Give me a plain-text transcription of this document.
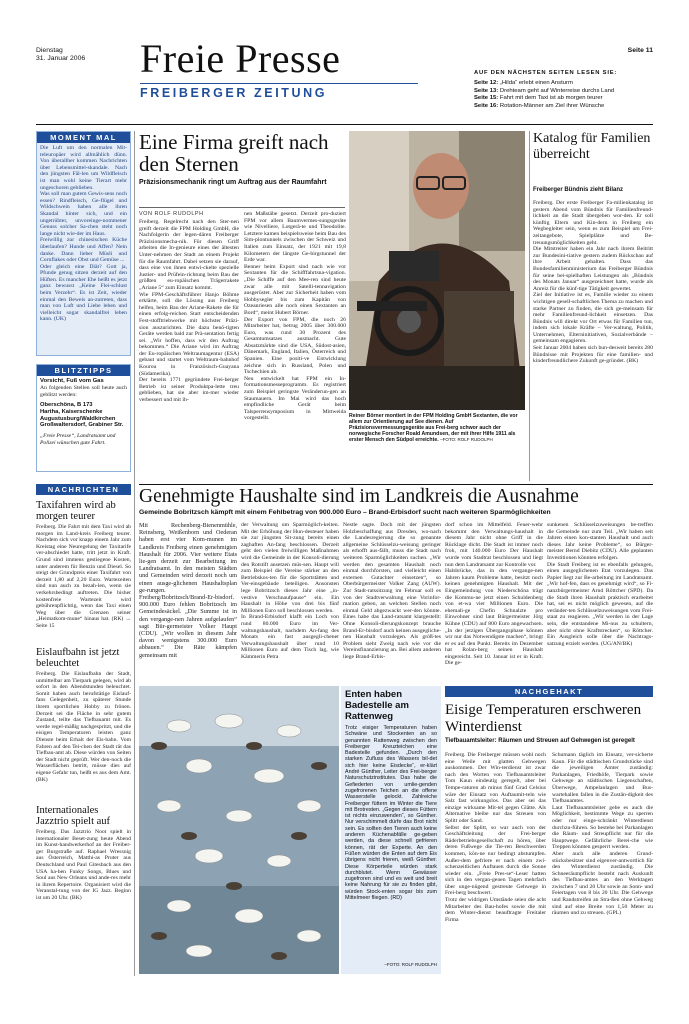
Dienstag
31. Januar 2006 Freie Presse
FREIBERGER ZEITUNG
Seite 11
AUF DEN NÄCHSTEN SEITEN LESEN SIE:
Seite 12: „Hilda“ erlebt einen Ansturm
Seite 13: Drehteam geht auf Winterreise durchs Land
Seite 15: Fahrt mit dem Taxi ist ab morgen teurer
Seite 16: Rotation-Männer am Ziel ihrer Wünsche
MOMENT MAL
Die Luft um den normalen Mit-teleuropäer wird allmählich dünn. Von überallher kommen Nachrichten über Lebensmittel-skandale. Nach den jüngsten Fäl-len um Wildfleisch ist man wohl keine Tierart mehr ungeschoren geblieben.
Was soll man gutem Gewis-sens noch essen? Rindfleisch, Ge-flügel und Wildschwein haben alle ihren Skandal hinter sich, und ein ungetrübter, unvoreinge-nommener Genuss solcher Sa-chen steht noch lange nicht wie-der im Haus.
Freiwillig zur chinesischen Küche überlaufen? Hunde und Affen? Nein danke. Dann lieber Müsli und Cornflakes oder Obst und Gemüse ...
Oder gleich eine Diät? Gott ja, Pfunde genug sitzen derzeit auf den Hüften. Es mancher Ehe heißt es jetzt ganz bewusst „Keine Flei-schlust beim Verzehr“. Es ist Zeit, wieder einmal den Beweis an-zutreten, dass man von Luft und Liebe leben und vielleicht sogar skandalfrei leben kann. (UK)
BLITZTIPPS
Vorsicht, Fuß vom Gas
An folgenden Stellen soll heute auch geblitzt werden:
Oberschöna, B 173
Hartha, Kaiserschenke
Augustusburg/Waldkirchen Großwaltersdorf, Grabiner Str.
„Freie Presse“, Landratsamt und Polizei wünschen gute Fahrt.
NACHRICHTEN
Taxifahren wird ab morgen teurer
Freiberg. Die Fahrt mit dem Taxi wird ab morgen im Land-kreis Freiberg teurer. Nachdem sich vor knapp einem Jahr zum Kreistag eine Neuregelung der Taxitarife ver-abschiedet hatte, tritt jetzt in Kraft. Grund sind immens gestiegene Kosten, unter anderem für Benzin und Diesel. So steigt der Grundpreis einer Taxifahrt von derzeit 1,80 auf 2,20 Euro. Wartezeiten sind nun auch zu bezah-len, wenn sie verkehrsbedingt auftreten. Die bisher kostenfreie Wartezeit wird gebührenpflichtig, wenn das Taxi einen Weg über die Grenzen seiner „Heimatkom-mune“ hinaus hat. (RK) → Seite 15
Eislaufbahn ist jetzt beleuchtet
Freiberg. Die Eislaufbahn der Stadt, unmittelbar am Tierpark gelegen, wird ab sofort in den Abendstunden beleuchtet. Somit haben auch berufstätige Eislauf-fans Gelegenheit, zu späterer Stunde ihrem sportlichen Hobby zu frönen. Derzeit sei die Fläche in sehr gutem Zustand, teilte das Tiefbauamt mit. Es werde regel-mäßig nachgespritzt, und die eisigen Temperaturen leisten ganz Dienste beim Erhalt der Eis-bahn. Vom Fahren auf den Tei-chen der Stadt rät das Tiefbau-amt ab. Diese würden von Seiten der Stadt nicht geprüft. Wer den-noch die Wasserflächen betritt, müsse dies auf eigene Gefahr tun, heißt es aus dem Amt. (BK)
Internationales Jazztrio spielt auf
Freiberg. Das Jazztrio Noot spielt in internationaler Beset-zung heute Abend im Kunst-handwerkerhof an der Freiber-ger Burgstraße auf. Raphael Wressnig aus Österreich, Matthi-as Pruter aus Deutschland und Paul Gitesbach aus den USA ha-ben Funky Songs, Blues und Soul aus New Orleans und ande-res mehr in ihrem Repertoire. Organisiert wird die Veranstal-tung von der IG Jazz. Beginn ist um 20 Uhr. (BK)
Eine Firma greift nach den Sternen
Präzisionsmechanik ringt um Auftrag aus der Raumfahrt
VON ROLF RUDOLPH
Freiberg. Regelrecht nach den Ster-nen greift derzeit die FPM Holding GmbH, die Nachfolgerin der legen-dären Freiberger Präzisionsmecha-nik. Für diesen Griff arbeiten die In-genieure eines der ältesten Unter-nehmen der Stadt an einem Projekt für die Raumfahrt. Dabei setzen sie darauf, dass eine von ihnen entwi-ckelte spezielle Justier- und Prüfein-richtung beim Bau der größten eu-ropäischen Trägerrakete „Ariane 5“ zum Einsatz kommt.
Wie FPM-Geschäftsführer Hanjo Böhme erklärte, soll die Lösung aus Freiberg helfen, beim Bau der Ariane-Rakete die für einen erfolg-reichen Start entscheidenden Fest-stofftriebwerke mit höchster Präzi-sion auszurichten. Die dazu benö-tigten Geräte werden bald zur Prä-sentation fertig sei. „Wir hoffen, dass wir den Auftrag bekommen.“ Die Ariane wird im Auftrag der Eu-ropäischen Weltraumagentur (ESA) gebaut und startet vom Weltraum-bahnhof Kourou in Französisch-Guayana (Südamerika).
Der bereits 1771 gegründete Frei-berger Betrieb ist seiner Produktpa-lette treu geblieben, hat sie aber im-mer wieder verbessert und mit ih-
nen Maßstäbe gesetzt. Derzeit pro-duziert FPM vor allem Baumvermes-sungsgeräte wie Nivelliere, Lotgerä-te und Theodolite. Letztere kamen beispielsweise beim Bau des Sim-plontunnels zwischen der Schweiz und Italien zum Einsatz, der 1921 mit 19,8 Kilometern der längste Ge-birgstunnel der Erde war.
Benner beim Export sind nach wie vor Sextanten für die Schifffahrtsna-vigation. „Die Schiffe auf den Mee-ren sind heute zwar alle mit Satelli-tennavigation ausgerüstet. Aber zur Sicherheit haben vom Hobbysegler bis zum Kapitän von Ozeanriesen alle noch einen Sextanten an Bord“, meint Hubert Börner.
Der Export von FPM, die noch 26 Mitarbeiter hat, betrug 2005 über 300.000 Euro, was rund 30 Prozent des Gesamtumsatzes ausmacht. Gute Absatzmärkte sind die USA, Südost-asien, Dänemark, England, Italien, Österreich und Spanien. Eine positi-ve Entwicklung zeichne sich in Russland, Polen und Tschechien ab.
Neu entwickelt hat FPM ein In-formationsmesseprogramm. Es registriert zum Beispiel geringste Veränderun-gen an Staumauern. Im Mai wird das hoch empfindliche Gerät beim Talsperrensymposium in Mittweida vorgestellt.	Reiner Börner montiert in der FPM Holding GmbH Sextanten, die vor allem zur Orientierung auf See dienen. Auf Präzisionsvermessungsgeräte aus Frei-berg schwor auch der norwegische Forscher Roald Amundsen, der mit ihrer Hilfe 1911 als erster Mensch den Südpol erreichte. –FOTO: ROLF RUDOLPH
Katalog für Familien überreicht
Freiberger Bündnis zieht Bilanz
Freiberg. Der erste Freiberger Fa-milienkatalog ist gestern Abend vom Bündnis für Familienfreund-lichkeit an die Stadt übergeben wor-den. Er soll künftig Eltern und Kin-dern in Freiberg ein Wegbegleiter sein, wenn es zum Beispiel um Frei-zeitangebote, Spielplätze und Be-treuungsmöglichkeiten geht.
Die Mitstreiter haben ein Jahr nach ihrem Beitritt zur Bundesini-tiative gestern zudem Rückschau auf ihre Arbeit gehalten. Dass das Bundesfamilienministerium das Freiberger Bündnis für seine bei-spielhaften Leistungen als „Bündnis des Monats Januar“ ausgezeichnet hatte, wurde als Anreiz für die künf-tige Tätigkeit gewertet.
Ziel der Initiative ist es, Familie wieder zu einem wichtigen gesell-schaftlichen Thema zu machen und starke Partner zu finden, die sich ge-meinsam für mehr Familienfreund-lichkeit einsetzen. Das Bündnis will direkt vor Ort etwas für Familien tun, indem sich lokale Kräfte – Ver-waltung, Politik, Unternehmen, Elterninitiativen, Sozialverbände – gemeinsam engagieren.
Seit Januar 2004 haben sich bun-desweit bereits 280 Bündnisse mit Projekten für eine familien- und kinderfreundlichere Zukunft ge-gründet. (BK)
Genehmigte Haushalte sind im Landkreis die Ausnahme
Gemeinde Bobritzsch kämpft mit einem Fehlbetrag von 900.000 Euro – Brand-Erbisdorf sucht nach weiteren Sparmöglichkeiten
Mit Rechenberg-Bienenmühle, Reinsberg, Weißenborn und Oederan haben erst vier Kom-munen im Landkreis Freiberg einen genehmigten Haushalt für 2006. Vier weitere Etats lie-gen derzeit zur Bearbeitung im Landratsamt. In den meisten Städten und Gemeinden wird derzeit noch um einen ausge-glichenen Haushaltsplan ge-rungen.
Freiberg/Bobritzsch/Brand-Er-bisdorf. 900.000 Euro fehlen Bobritzsch im Gemeindesäckel. „Die Summe ist in den vergange-nen Jahren aufgelaufen“ sagt Bür-germeister Volker Haupt (CDU). „Wir wollen in diesem Jahr davon wenigstens 300.000 Euro abbauen.“ Die Räte kämpfen gemeinsam mit
der Verwaltung um Sparmöglich-keiten. Mit der Erhöhung der Hun-desteuer haben sie zur jüngsten Sit-zung bereits einen zaghaften An-fang beschlossen. Derzeit geht den vielen freiwilligen Maßnahmen wird die Gemeinde in der Konsoli-dierung den Rotstift ansetzen müs-sen. Haupt will zum Beispiel die Vereine stärker an den Betriebskos-ten für die Sportstätten und Ver-einsgebäude beteiligen. Ansonsten lege Bobritzsch dieses Jahr eine „in-vestive Verschnaufpause“ ein. Ein Haushalt in Höhe von drei bis fünf Millionen Euro soll beschlossen werden.
In Brand-Erbisdorf klafft ein Loch von rund 80.000 Euro im Ver-waltungshaushalt, nachdem An-fang des Monats ein fast ausgegli-chener Verwaltungshaushalt über rund 10 Millionen Euro auf dem Tisch lag, wie Kämmerin Petra
Nestle sagte. Doch mit der jüngsten Holzbeschaffung aus Dresden, wo-nach die Landesregierung die so genannte allgemeine Schlüsselzu-weisung geringer als erhofft aus-fällt, muss die Stadt nach weiteren Sparmöglichkeiten suchen. „Wir werden den gesamten Haushalt noch einmal durchforsten, und vielleicht einen externen Gutachter einsetzen“, so Oberbürgermeister Volker Zang (AUW). Zur Stadt-ratssitzung im Februar soll es von der Stadtverwaltung eine Vorinfor-mation geben, an welchen Stellen noch einmal Geld abgezwackt wer-den könnte. Eines habe das Land-ratsamt klargestellt: Ohne Konsoli-dierungskonzept brauche Brand-Er-bisdorf auch keinen ausgegliche-nen Haushalt vorzulegen. Als größ-tes Problem sieht Zweig nach wie vor die Vereinsfinanzierung an. Bei allem anderen liege Brand-Erbis-
dorf schon im Mittelfeld. Feuer-wehr bekommt den Verwaltungs-haushalt in diesem Jahr nicht ohne Griff in die Rücklage dicht. Die Stadt ist immer noch froh, mit 140.000 Euro Der Haushalt wurde vom Stadtrat beschlossen und liegt nun dem Landratsamt zur Kontrolle vor.
Halsbrücke, das in den vergange-nen Jahren kaum Probleme hatte, besitzt noch keinen genehmigten Haushalt. Mit der Eingemeindung von Niederschöna trägt die Kommu-ne jetzt einen Schuldenberg von et-wa vier Millionen Euro. Die ehemali-ge Chefin Schnalzte pro Einwohner sind laut Bürgermeister Jörg Kühne (CDU) auf 800 Euro angewachsen. „In der jetzigen Übergangsphase können wir nur das Notwendigste machen“, bringt er es auf den Punkt. Bereits im Dezember hat Rolan-berg seinen Haushalt eingereicht. Seit 10. Januar ist er in Kraft. Die ge-
sunkenen Schlüsselzuweisungen be-treffen die Gemeinde nur zum Teil. „Wir haben seit Jahren einen kon-stanten Haushalt und auch dieses Jahr keine Probleme“, so Bürger-meister Bernd Diebitz (CDU). Alle geplanten Investitionen könnten erfolgen.
Die Stadt Freiberg ist es ebenfalls gelungen, einen ausgeglichenen Etat vorzulegen. Das Papier liegt zur Be-arbeitung im Landratsamt. „Wir hof-fen, dass es genehmigt wird“, so Fi-nanzbürgermeister Arnd Röttcher (SPD). Da die Stadt ihren Haushalt praktisch erarbeitet hat, sei es nicht möglich gewesen, auf die veränder-ten Schlüsselzuweisungen vom Frei-staat zu reagieren. „Wir werden in der Lage sein, die entstandene Mi-nus zu schultern, aber nicht ohne Kraftstrecken“, so Röttcher. Ein Ausgleich solle über die Nachtrags-satzung erzielt werden. (UG/AN/BK)
Enten haben Badestelle am Rattenweg
Trotz eisiger Temperaturen haben Schwäne und Stockenten an so genannten Rattenweg zwischen den Freiberger Kreuzteichen eine Badestelle gefunden. „Durch den starken Zufluss des Wassers bil-det sich hier keine Eisdecke“, er-klärt André Günther, Leiter des Frei-berger Naturschutzinstitutes. Das habe die Gefiederten von umlie-genden zugefrorenen Teichen an die offene Wasserstelle gelockt. Zahlreiche Freiberger füttern im Winter die Tiere mit Brotresten. „Gegen dieses Füttern ist nichts einzuwenden“, so Günther. Nur verschimmelt dürfe das Brot nicht sein. Es sollten den Tieren auch keine anderen Küchenabfälle ge-geben werden, da diese schnell gefrieren können, rät der Experte. An den Füßen würden die Enten auf dem Eis übrigens nicht frieren, weiß Günther. Diese Körperteile würden stark durchblutet. Wenn Gewässer zugefroren sind und es weit und breit keine Nahrung für sie zu finden gibt, würden Stock-enten sogar bis zum Mittelmeer fliegen. (RD)
–FOTO: ROLF RUDOLPH
NACHGEHAKT
Eisige Temperaturen erschweren Winterdienst
Tiefbauamtsleiter: Räumen und Streuen auf Gehwegen ist geregelt
Freiberg. Die Freiberger müssen wohl noch eine Weile mit glatten Gehwegen auskommen. Der Win-terdienst ist zwar nach den Worten von Tiefbauamtsleiter Tom Kaun eindeutig geregelt, aber bei Tempe-raturen ab minus fünf Grad Celsius wäre der Einsatz von Auftaumit-teln wie Salz fast wirkungslos. Das aber sei das einzige wirksame Mit-tel gegen Glätte. Als Alternative bleibe nur das Streuen von Splitt oder Sand.
Selbst der Splitt, so war auch von der Geschäftsleitung der Frei-berger Räderbetriebsgesellschaft zu hören, über deren Fußwege die Tie-ren Beschwerden kommen, kön-ne nur bedingt abstumpfen. Außer-dem gefriere er nach einem zwi-schenzeitlichen Auftauen durch die Sonne wieder ein. „Freie Pres-se“-Leser hatten sich in den vergan-genen Tagen mehrfach über unge-nügend gestreute Gehwege in Frei-berg beschwert.
Trotz der widrigen Umstände seien die acht Mitarbeiter des Bau-hofes sowie die mit dem Winter-dienst beauftragte Freitaler Firma
Schumann täglich im Einsatz, ver-sicherte Kaun. Für die städtischen Grundstücke sind die jeweiligen Ämter zuständig: Parkanlagen, Friedhöfe, Tierpark sowie Gehwege an städtischen Liegenschaften, Überwege, Ampelanlagen und Bus-wartehallen fallen in die Zustän-digkeit des Tiefbauamtes.
Laut Tiefbauamtsleiter gebe es auch die Möglichkeit, bestimmte Wege zu sperren oder nur einge-schränkt Winterdienst durchzu-führen. So bestehe bei Parkanlagen die Räum- und Streupflicht nur für die Hauptwege. Gefährliche Berei-che wie Treppen könnten gesperrt werden.
Aber auch alle anderen Grund-stücksbesitzer sind eigenver-antwortlich für den Winterdienst zuständig. Die Schneeräumpflicht besteht nach Auskunft des Tiefbau-amtes an den Werktagen zwischen 7 und 20 Uhr sowie an Sonn- und Feiertagen von 8 bis 20 Uhr. Die Gehwege und Randstreifen an Stra-ßen ohne Gehweg sind auf eine Breite von 1,50 Meter zu räumen und zu streuen. (GPL)
